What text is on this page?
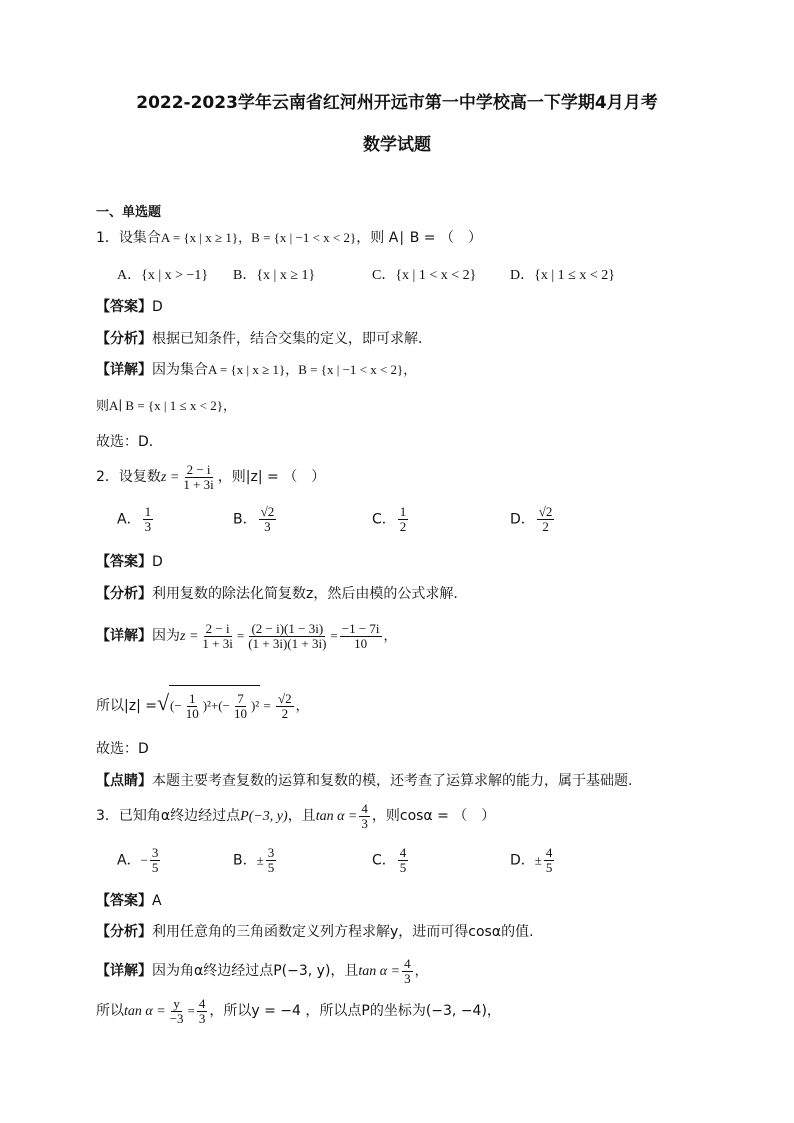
2022-2023学年云南省红河州开远市第一中学校高一下学期4月月考
数学试题
一、单选题
1．设集合A = {x | x ≥ 1}，B = {x | −1 < x < 2}，则 A∣ B = （　）
A．{x | x > −1} B．{x | x ≥ 1}	C．{x | 1 < x < 2} D．{x | 1 ≤ x < 2}
【答案】D
【分析】根据已知条件，结合交集的定义，即可求解．
【详解】因为集合A = {x | x ≥ 1}，B = {x | −1 < x < 2}，
则A∣ B = {x | 1 ≤ x < 2}，
故选：D．
2．设复数$z = \frac{2 - i}{1 + 3i}$ ，则|z| = （　）
A． $\frac{1}{3}$	B． $\frac{√2}{3}$	C． $\frac{1}{2}$	D． $\frac{√2}{2}$
【答案】D
【分析】利用复数的除法化简复数z，然后由模的公式求解.
【详解】因为$z = \frac{2 - i}{1 + 3i} = \frac{(2 - i)(1 - 3i)}{(1 + 3i)(1 + 3i)} = \frac{-1 - 7i}{10}$ ，
所以|z| =√(− $\frac{1}{10} )^2+(- \frac{7}{10} )^2 = \frac{√2}{2}$ ，
故选：D
【点睛】本题主要考查复数的运算和复数的模，还考查了运算求解的能力，属于基础题.
3．已知角α终边经过点P(−3, y)，且$\tan \alpha = \frac{4}{3}$ ，则cosα = （　）
A．− $\frac{3}{5}$	B．± $\frac{3}{5}$	C． $\frac{4}{5}$	D．± $\frac{4}{5}$
【答案】A
【分析】利用任意角的三角函数定义列方程求解y，进而可得cosα的值.
【详解】因为角α终边经过点P(−3, y)，且$\tan \alpha = \frac{4}{3}$ ，
所以$\tan \alpha = \frac{y}{-3} = \frac{4}{3}$ ，所以y = −4 ，所以点P的坐标为(−3, −4)，
